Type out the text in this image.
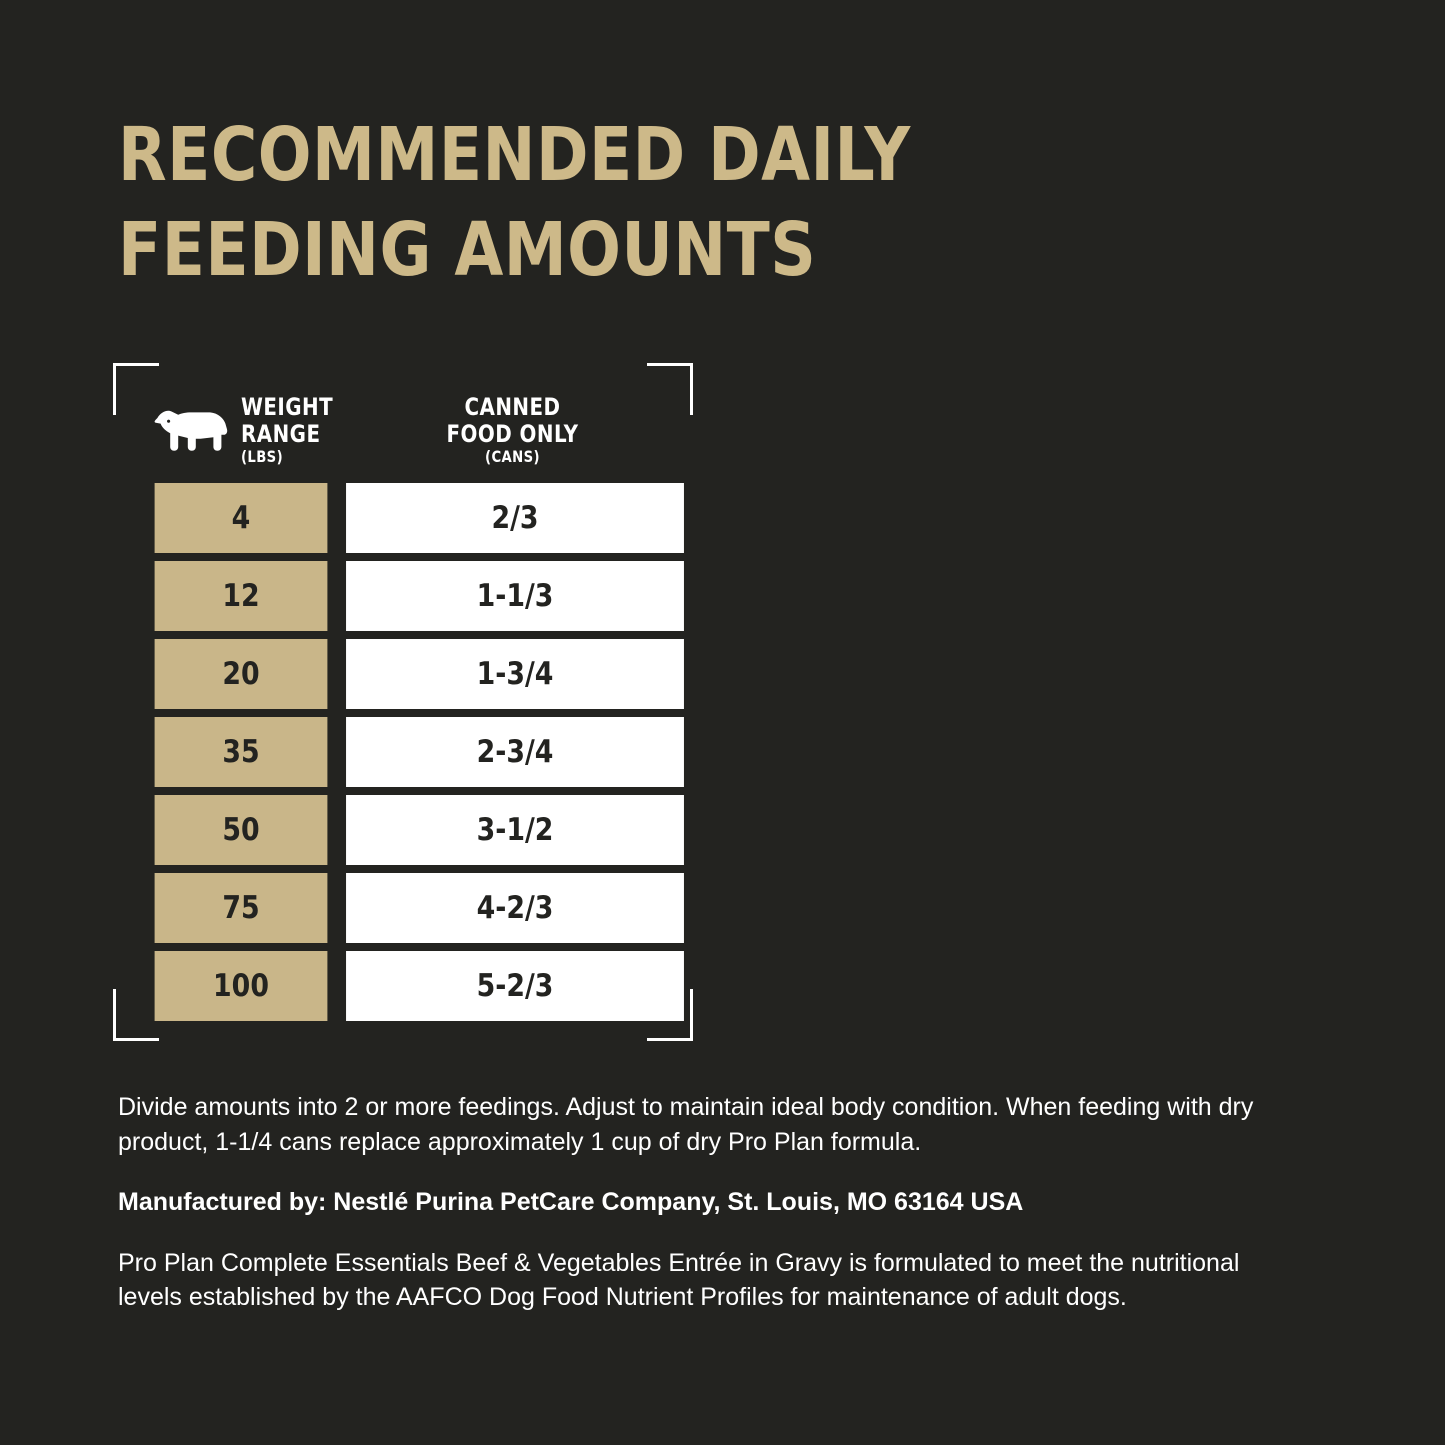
RECOMMENDED DAILY
FEEDING AMOUNTS
WEIGHT
RANGE
(LBS)
CANNED
FOOD ONLY
(CANS)
4	2/3
12	1-1/3
20	1-3/4
35	2-3/4
50	3-1/2
75	4-2/3
100	5-2/3

Divide amounts into 2 or more feedings. Adjust to maintain ideal body condition. When feeding with dry product, 1-1/4 cans replace approximately 1 cup of dry Pro Plan formula.

Manufactured by: Nestlé Purina PetCare Company, St. Louis, MO 63164 USA

Pro Plan Complete Essentials Beef & Vegetables Entrée in Gravy is formulated to meet the nutritional levels established by the AAFCO Dog Food Nutrient Profiles for maintenance of adult dogs.
